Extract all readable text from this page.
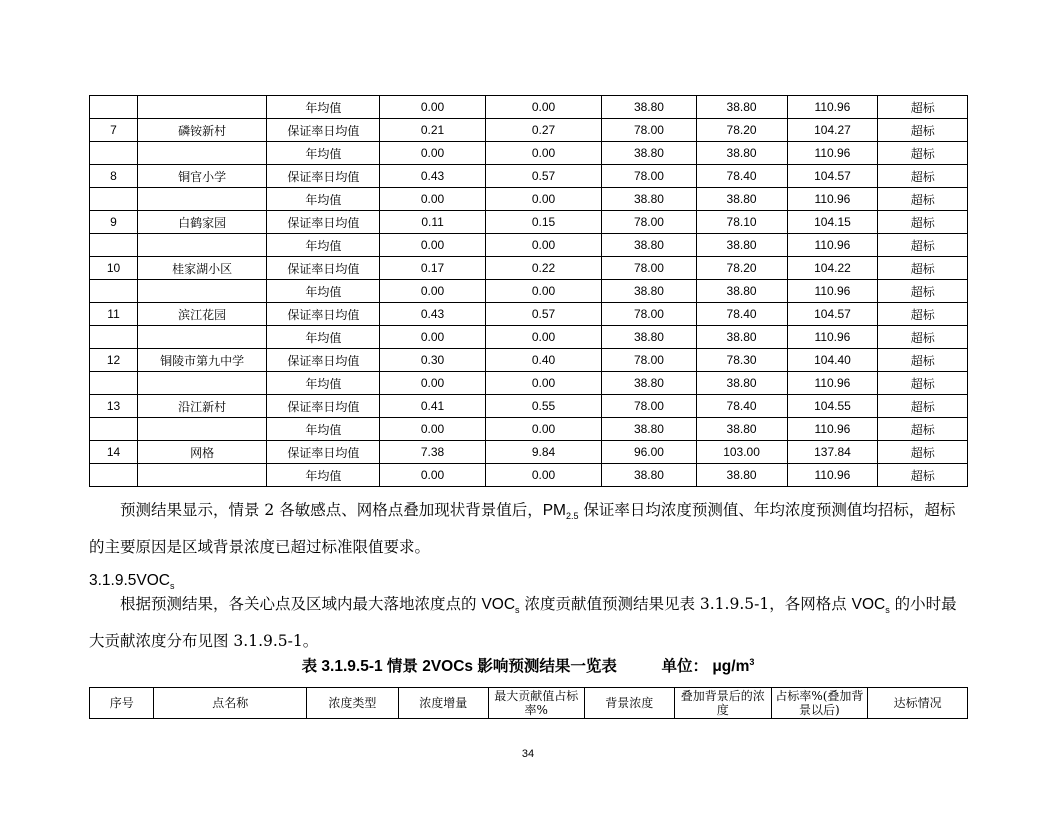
		年均值	0.00	0.00	38.80	38.80	110.96	超标
7	磷铵新村	保证率日均值	0.21	0.27	78.00	78.20	104.27	超标
		年均值	0.00	0.00	38.80	38.80	110.96	超标
8	铜官小学	保证率日均值	0.43	0.57	78.00	78.40	104.57	超标
		年均值	0.00	0.00	38.80	38.80	110.96	超标
9	白鹤家园	保证率日均值	0.11	0.15	78.00	78.10	104.15	超标
		年均值	0.00	0.00	38.80	38.80	110.96	超标
10	桂家湖小区	保证率日均值	0.17	0.22	78.00	78.20	104.22	超标
		年均值	0.00	0.00	38.80	38.80	110.96	超标
11	滨江花园	保证率日均值	0.43	0.57	78.00	78.40	104.57	超标
		年均值	0.00	0.00	38.80	38.80	110.96	超标
12	铜陵市第九中学	保证率日均值	0.30	0.40	78.00	78.30	104.40	超标
		年均值	0.00	0.00	38.80	38.80	110.96	超标
13	沿江新村	保证率日均值	0.41	0.55	78.00	78.40	104.55	超标
		年均值	0.00	0.00	38.80	38.80	110.96	超标
14	网格	保证率日均值	7.38	9.84	96.00	103.00	137.84	超标
		年均值	0.00	0.00	38.80	38.80	110.96	超标

预测结果显示，情景 2 各敏感点、网格点叠加现状背景值后，$PM_{2.5}$ 保证率日均浓度预测值、年均浓度预测值均招标，超标的主要原因是区域背景浓度已超过标准限值要求。

$3.1.9.5VOC_s$

根据预测结果，各关心点及区域内最大落地浓度点的 $VOC_s$ 浓度贡献值预测结果见表 3.1.9.5-1，各网格点 $VOC_s$ 的小时最大贡献浓度分布见图 3.1.9.5-1。

表 3.1.9.5-1 情景 2VOCs 影响预测结果一览表	单位： $\mu g/m^3$
序号	点名称	浓度类型	浓度增量	最大贡献值占标率%	背景浓度	叠加背景后的浓度	占标率%(叠加背景以后)	达标情况
34
